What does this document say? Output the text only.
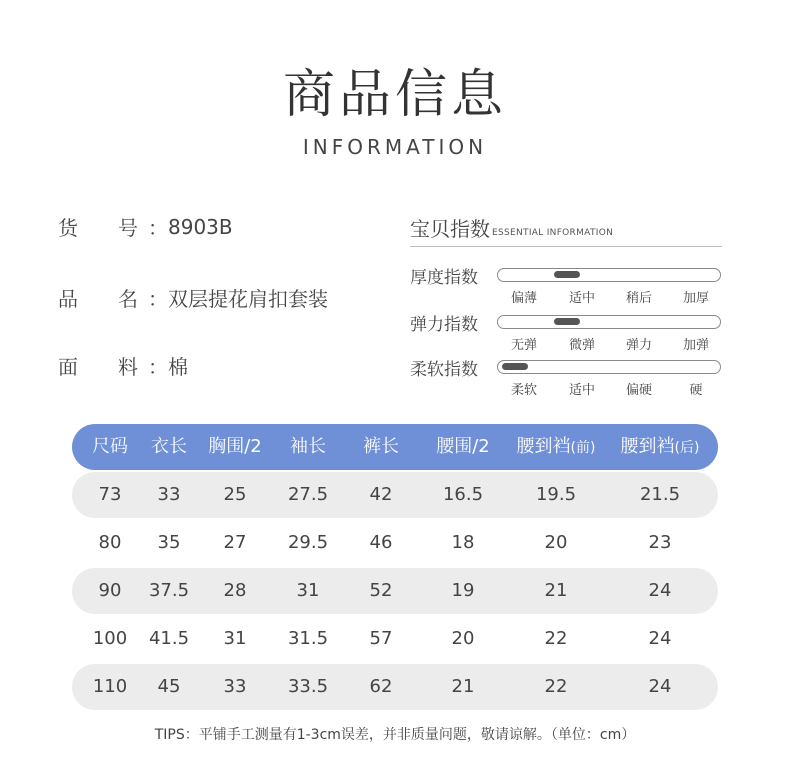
商品信息
INFORMATION
货	号 ： 8903B
品	名 ： 双层提花肩扣套装
面	料 ： 棉
宝贝指数 ESSENTIAL INFORMATION
厚度指数
偏薄 适中 稍后 加厚
弹力指数
无弹 微弹 弹力 加弹
柔软指数
柔软 适中 偏硬	硬
尺码 衣长 胸围/2 袖长 裤长 腰围/2 腰到裆(前) 腰到裆(后)
73 33 25 27.5 42	16.5	19.5	21.5
80 35 27 29.5 46	18	20	23
90 37.5 28	31	52	19	21	24
100 41.5 31 31.5 57	20	22	24
110 45 33 33.5 62	21	22	24
TIPS：平铺手工测量有1-3cm误差，并非质量问题，敬请谅解。（单位：cm）
